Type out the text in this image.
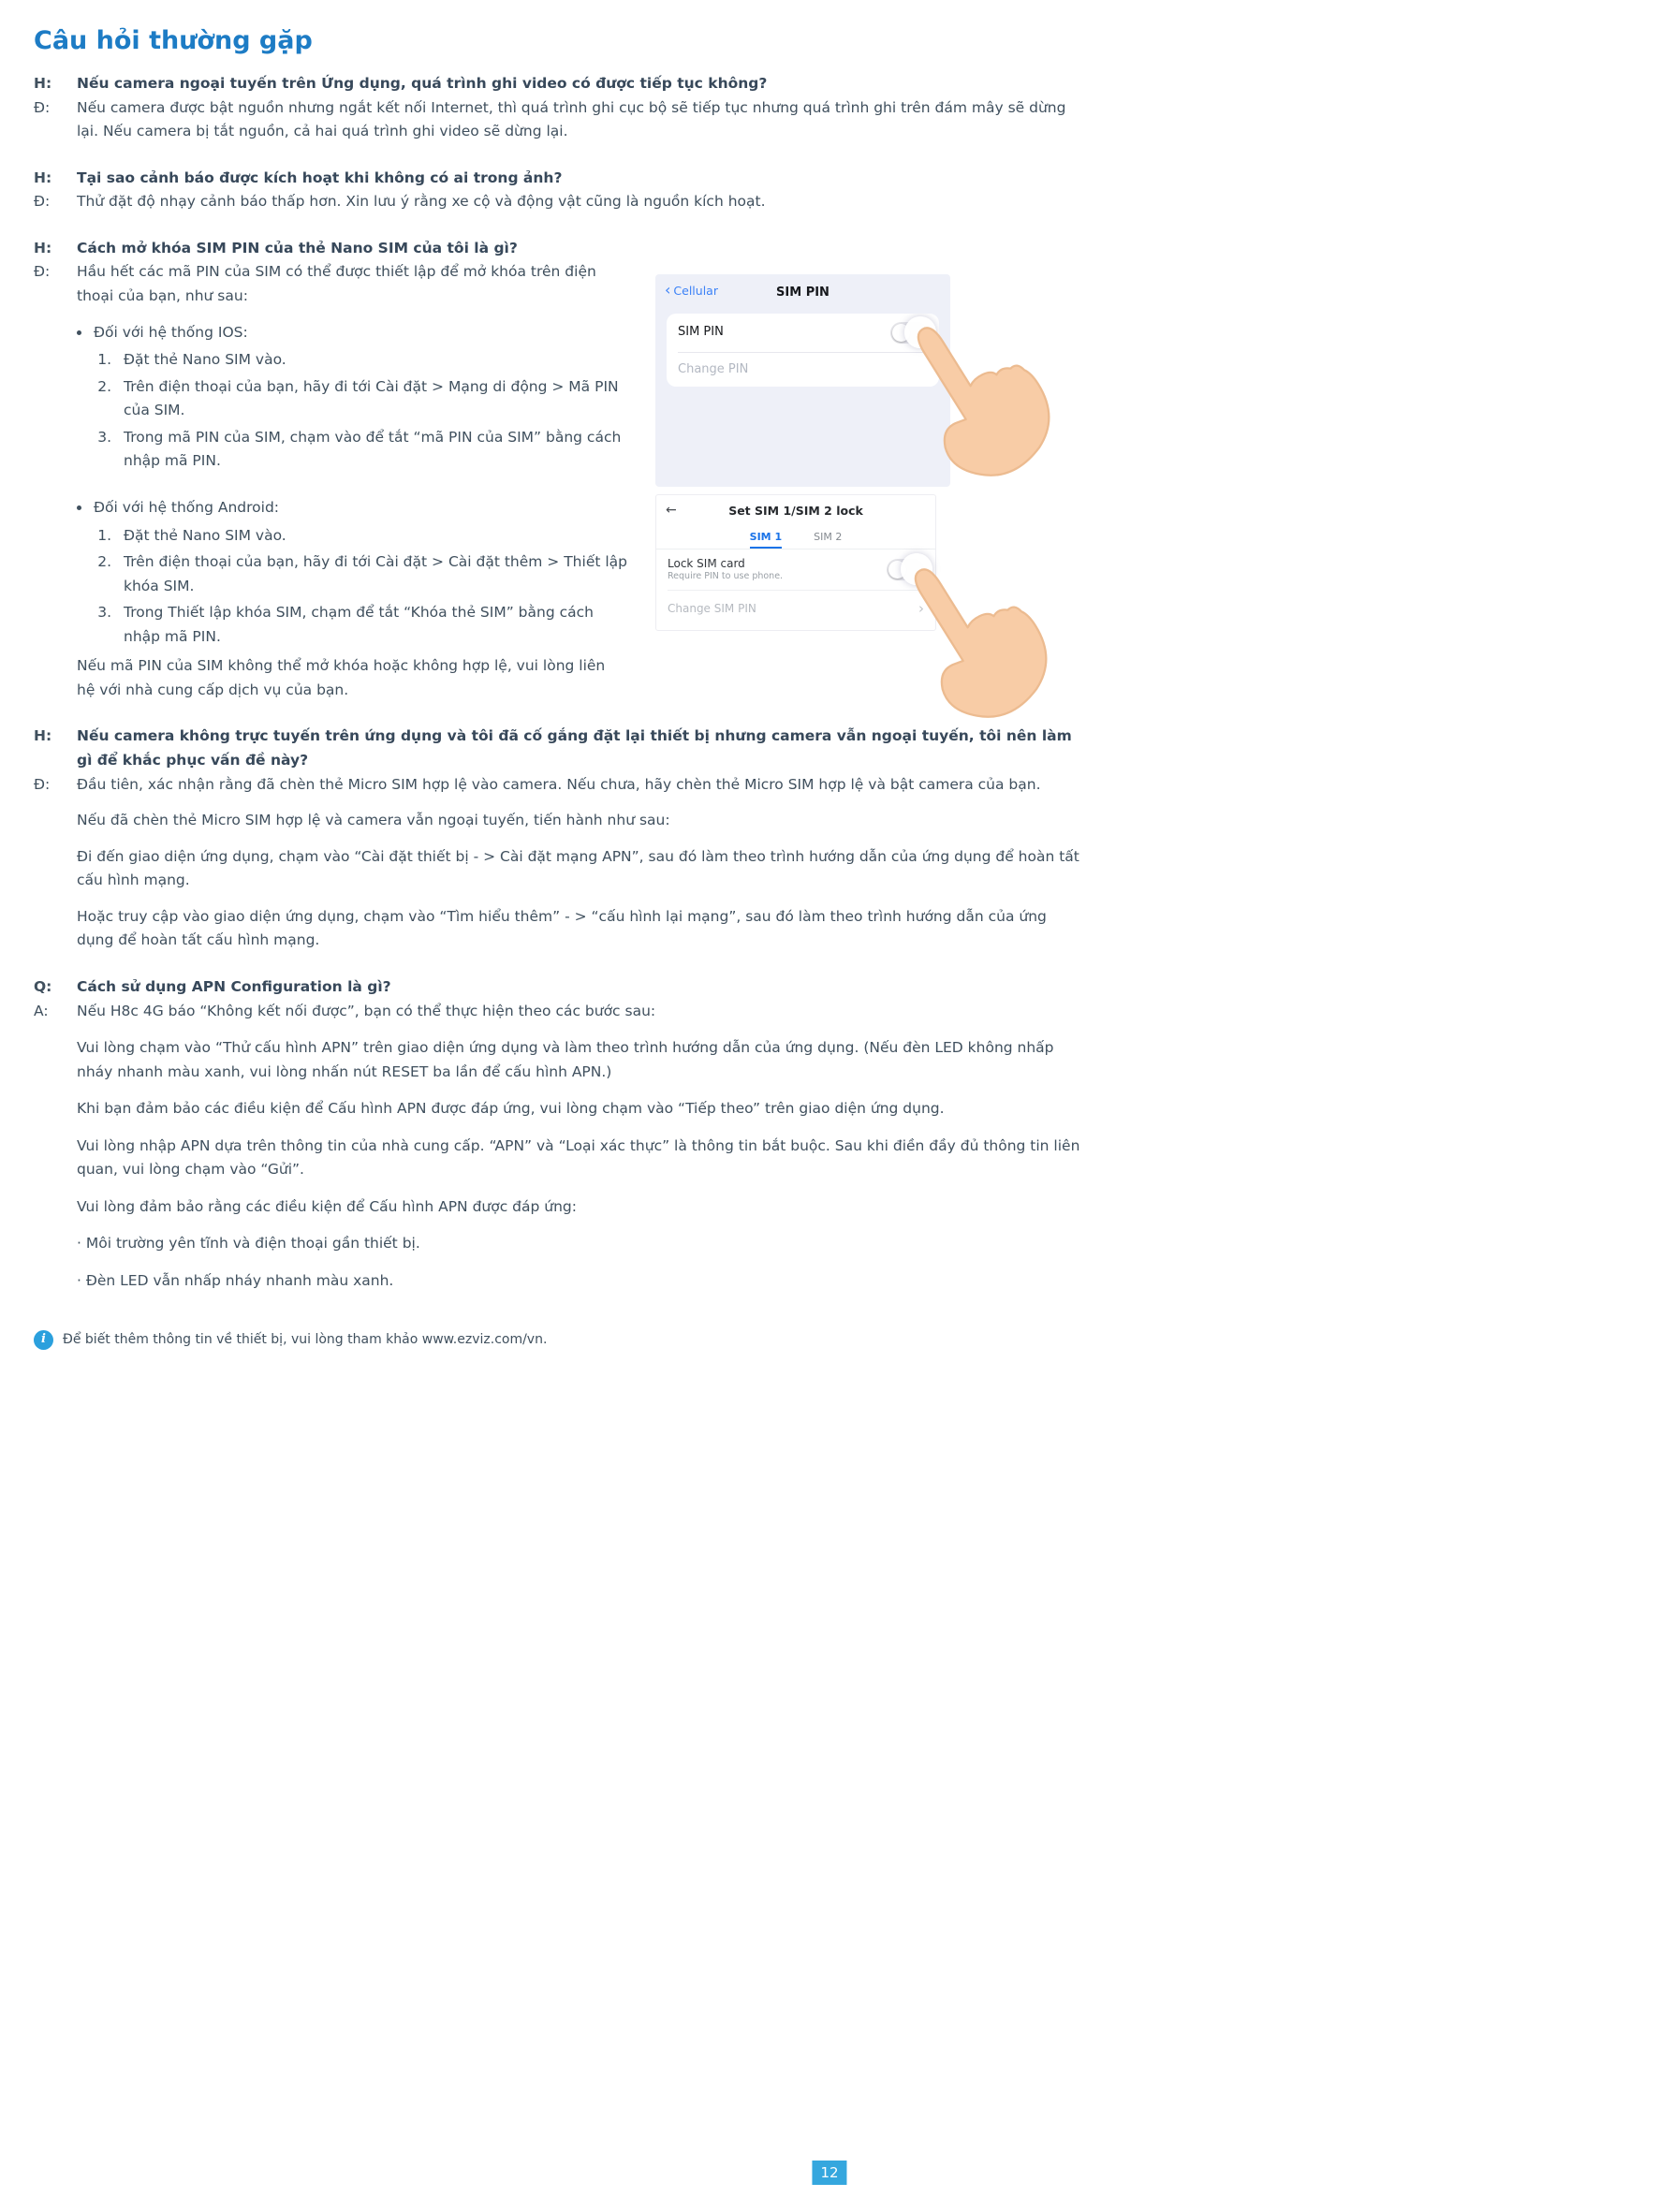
Câu hỏi thường gặp
H:	Nếu camera ngoại tuyến trên Ứng dụng, quá trình ghi video có được tiếp tục không?
Đ:	Nếu camera được bật nguồn nhưng ngắt kết nối Internet, thì quá trình ghi cục bộ sẽ tiếp tục nhưng quá trình ghi trên đám mây sẽ dừng lại. Nếu camera bị tắt nguồn, cả hai quá trình ghi video sẽ dừng lại.
H:	Tại sao cảnh báo được kích hoạt khi không có ai trong ảnh?
Đ:	Thử đặt độ nhạy cảnh báo thấp hơn. Xin lưu ý rằng xe cộ và động vật cũng là nguồn kích hoạt.
H:	Cách mở khóa SIM PIN của thẻ Nano SIM của tôi là gì?
Đ:	Hầu hết các mã PIN của SIM có thể được thiết lập để mở khóa trên điện thoại của bạn, như sau:

• Đối với hệ thống IOS:
1. Đặt thẻ Nano SIM vào.
2. Trên điện thoại của bạn, hãy đi tới Cài đặt > Mạng di động > Mã PIN của SIM.
3. Trong mã PIN của SIM, chạm vào để tắt “mã PIN của SIM” bằng cách nhập mã PIN.
• Đối với hệ thống Android:
1. Đặt thẻ Nano SIM vào.
2. Trên điện thoại của bạn, hãy đi tới Cài đặt > Cài đặt thêm > Thiết lập khóa SIM.
3. Trong Thiết lập khóa SIM, chạm để tắt “Khóa thẻ SIM” bằng cách nhập mã PIN.

Nếu mã PIN của SIM không thể mở khóa hoặc không hợp lệ, vui lòng liên hệ với nhà cung cấp dịch vụ của bạn.

H:	Nếu camera không trực tuyến trên ứng dụng và tôi đã cố gắng đặt lại thiết bị nhưng camera vẫn ngoại tuyến, tôi nên làm gì để khắc phục vấn đề này?
Đ:	Đầu tiên, xác nhận rằng đã chèn thẻ Micro SIM hợp lệ vào camera. Nếu chưa, hãy chèn thẻ Micro SIM hợp lệ và bật camera của bạn.

Nếu đã chèn thẻ Micro SIM hợp lệ và camera vẫn ngoại tuyến, tiến hành như sau:

Đi đến giao diện ứng dụng, chạm vào “Cài đặt thiết bị - > Cài đặt mạng APN”, sau đó làm theo trình hướng dẫn của ứng dụng để hoàn tất cấu hình mạng.

Hoặc truy cập vào giao diện ứng dụng, chạm vào “Tìm hiểu thêm” - > “cấu hình lại mạng”, sau đó làm theo trình hướng dẫn của ứng dụng để hoàn tất cấu hình mạng.

Q:	Cách sử dụng APN Configuration là gì?
A:	Nếu H8c 4G báo “Không kết nối được”, bạn có thể thực hiện theo các bước sau:

Vui lòng chạm vào “Thử cấu hình APN” trên giao diện ứng dụng và làm theo trình hướng dẫn của ứng dụng. (Nếu đèn LED không nhấp nháy nhanh màu xanh, vui lòng nhấn nút RESET ba lần để cấu hình APN.)

Khi bạn đảm bảo các điều kiện để Cấu hình APN được đáp ứng, vui lòng chạm vào “Tiếp theo” trên giao diện ứng dụng.

Vui lòng nhập APN dựa trên thông tin của nhà cung cấp. “APN” và “Loại xác thực” là thông tin bắt buộc. Sau khi điền đầy đủ thông tin liên quan, vui lòng chạm vào “Gửi”.

Vui lòng đảm bảo rằng các điều kiện để Cấu hình APN được đáp ứng:

· Môi trường yên tĩnh và điện thoại gần thiết bị.

· Đèn LED vẫn nhấp nháy nhanh màu xanh.

i	Để biết thêm thông tin về thiết bị, vui lòng tham khảo www.ezviz.com/vn.
‹ Cellular	SIM PIN
SIM PIN
Change PIN
←	Set SIM 1/SIM 2 lock
SIM 1	SIM 2
Lock SIM card
Require PIN to use phone.
Change SIM PIN	›
12
